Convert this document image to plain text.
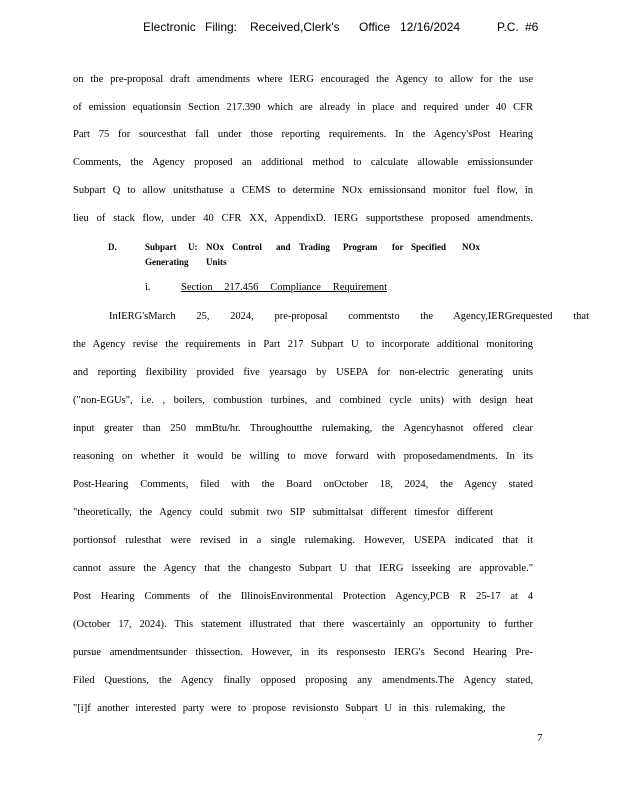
Electronic Filing: Received,Clerk's Office 12/16/2024	P.C. #6
on the pre-proposal draft amendments where IERG encouraged the Agency to allow for the use
of emission equationsin Section 217.390 which are already in place and required under 40 CFR
Part 75 for sourcesthat fall under those reporting requirements. In the Agency'sPost Hearing
Comments, the Agency proposed an additional method to calculate allowable emissionsunder
Subpart Q to allow unitsthatuse a CEMS to determine NOx emissionsand monitor fuel flow, in
lieu of stack flow, under 40 CFR XX, AppendixD. IERG supportsthese proposed amendments.
D.	Subpart U: NOx Control and Trading Program for Specified NOx
Generating Units
i.	Section 217.456 Compliance Requirement
InIERG'sMarch 25, 2024, pre-proposal commentsto the Agency,IERGrequested that
the Agency revise the requirements in Part 217 Subpart U to incorporate additional monitoring
and reporting flexibility provided five yearsago by USEPA for non-electric generating units
("non-EGUs", i.e. , boilers, combustion turbines, and combined cycle units) with design heat
input greater than 250 mmBtu/hr. Throughoutthe rulemaking, the Agencyhasnot offered clear
reasoning on whether it would be willing to move forward with proposedamendments. In its
Post-Hearing Comments, filed with the Board onOctober 18, 2024, the Agency stated
"theoretically, the Agency could submit two SIP submittalsat different timesfor different
portionsof rulesthat were revised in a single rulemaking. However, USEPA indicated that it
cannot assure the Agency that the changesto Subpart U that IERG isseeking are approvable."
Post Hearing Comments of the IllinoisEnvironmental Protection Agency,PCB R 25-17 at 4
(October 17, 2024). This statement illustrated that there wascertainly an opportunity to further
pursue amendmentsunder thissection. However, in its responsesto IERG's Second Hearing Pre-
Filed Questions, the Agency finally opposed proposing any amendments.The Agency stated,
"[i]f another interested party were to propose revisionsto Subpart U in this rulemaking, the
7
